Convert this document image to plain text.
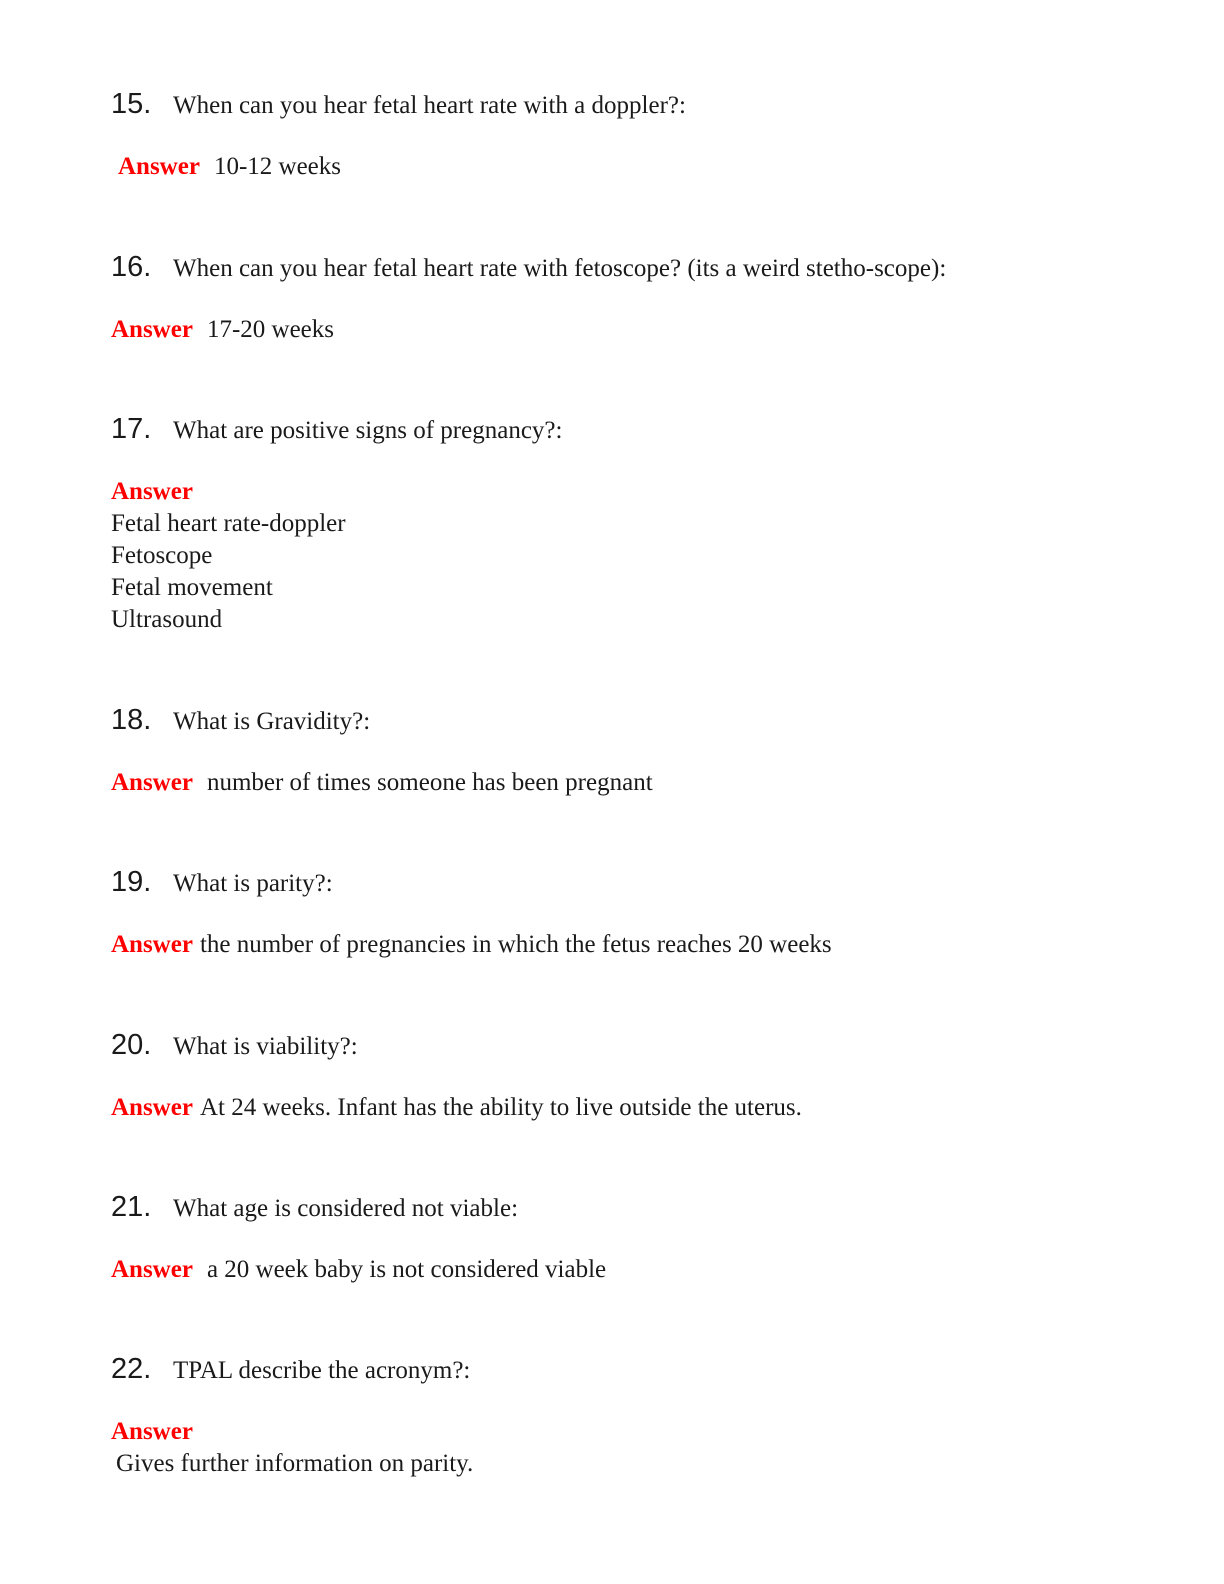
15. When can you hear fetal heart rate with a doppler?:
Answer 10-12 weeks
16. When can you hear fetal heart rate with fetoscope? (its a weird stetho-scope):
Answer 17-20 weeks
17. What are positive signs of pregnancy?:
Answer
Fetal heart rate-doppler
Fetoscope
Fetal movement
Ultrasound
18. What is Gravidity?:
Answer number of times someone has been pregnant
19. What is parity?:
Answer the number of pregnancies in which the fetus reaches 20 weeks
20. What is viability?:
Answer At 24 weeks. Infant has the ability to live outside the uterus.
21. What age is considered not viable:
Answer a 20 week baby is not considered viable
22. TPAL describe the acronym?:
Answer
Gives further information on parity.
